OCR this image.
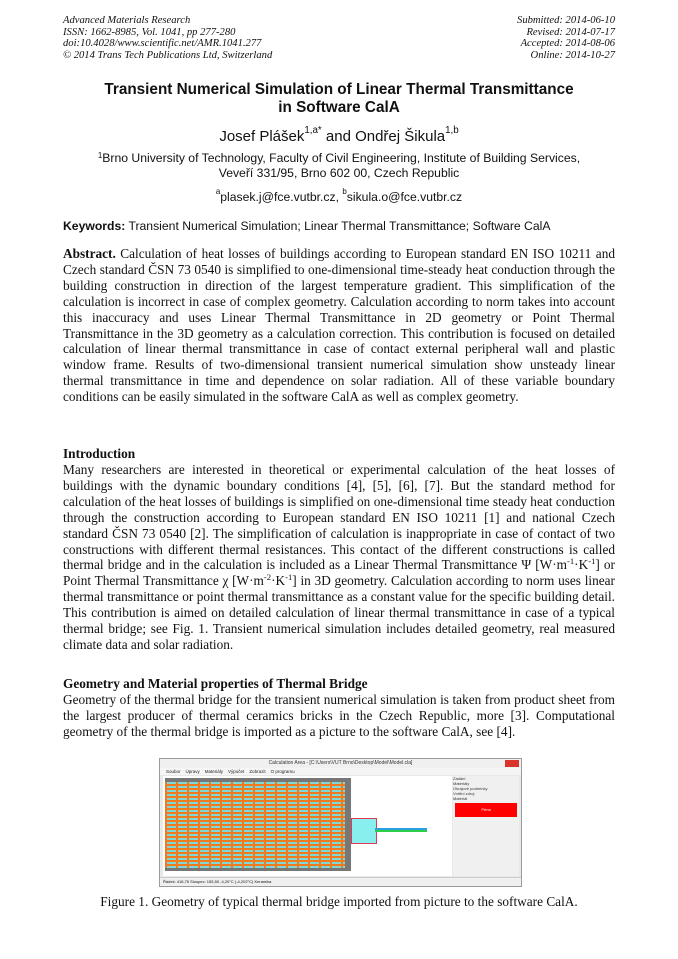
Advanced Materials Research
ISSN: 1662-8985, Vol. 1041, pp 277-280
doi:10.4028/www.scientific.net/AMR.1041.277
© 2014 Trans Tech Publications Ltd, Switzerland
Submitted: 2014-06-10
Revised: 2014-07-17
Accepted: 2014-08-06
Online: 2014-10-27
Transient Numerical Simulation of Linear Thermal Transmittance
in Software CalA
Josef Plášek$^{1,a*}$ and Ondřej Šikula$^{1,b}$
$^1$Brno University of Technology, Faculty of Civil Engineering, Institute of Building Services,
Veveří 331/95, Brno 602 00, Czech Republic
$^a$plasek.j@fce.vutbr.cz, $^b$sikula.o@fce.vutbr.cz
Keywords: Transient Numerical Simulation; Linear Thermal Transmittance; Software CalA
Abstract. Calculation of heat losses of buildings according to European standard EN ISO 10211 and Czech standard ČSN 73 0540 is simplified to one-dimensional time-steady heat conduction through the building construction in direction of the largest temperature gradient. This simplification of the calculation is incorrect in case of complex geometry. Calculation according to norm takes into account this inaccuracy and uses Linear Thermal Transmittance in 2D geometry or Point Thermal Transmittance in the 3D geometry as a calculation correction. This contribution is focused on detailed calculation of linear thermal transmittance in case of contact external peripheral wall and plastic window frame. Results of two-dimensional transient numerical simulation show unsteady linear thermal transmittance in time and dependence on solar radiation. All of these variable boundary conditions can be easily simulated in the software CalA as well as complex geometry.
Introduction
Many researchers are interested in theoretical or experimental calculation of the heat losses of buildings with the dynamic boundary conditions [4], [5], [6], [7]. But the standard method for calculation of the heat losses of buildings is simplified on one-dimensional time steady heat conduction through the construction according to European standard EN ISO 10211 [1] and national Czech standard ČSN 73 0540 [2]. The simplification of calculation is inappropriate in case of contact of two constructions with different thermal resistances. This contact of the different constructions is called thermal bridge and in the calculation is included as a Linear Thermal Transmittance Ψ $[W\cdot m^{-1}\cdot K^{-1}]$ or Point Thermal Transmittance χ $[W\cdot m^{-2}\cdot K^{-1}]$ in 3D geometry. Calculation according to norm uses linear thermal transmittance or point thermal transmittance as a constant value for the specific building detail. This contribution is aimed on detailed calculation of linear thermal transmittance in case of a typical thermal bridge; see Fig. 1. Transient numerical simulation includes detailed geometry, real measured climate data and solar radiation.
Geometry and Material properties of Thermal Bridge
Geometry of the thermal bridge for the transient numerical simulation is taken from product sheet from the largest producer of thermal ceramics bricks in the Czech Republic, more [3]. Computational geometry of the thermal bridge is imported as a picture to the software CalA, see [4].
Calculation Area - [C:\Users\VUT Brno\Desktop\Model\Model.cla]
Soubor Úpravy Materiály Výpočet Zobrazit O programu
Zadání
Materiály
Okrajové podmínky
Vnitřní zdroj
Materiál
Pěna
Řádek: 416,75 Sloupec: 155,50 -4,20°C (-4,202°C) Keramika
Figure 1. Geometry of typical thermal bridge imported from picture to the software CalA.
